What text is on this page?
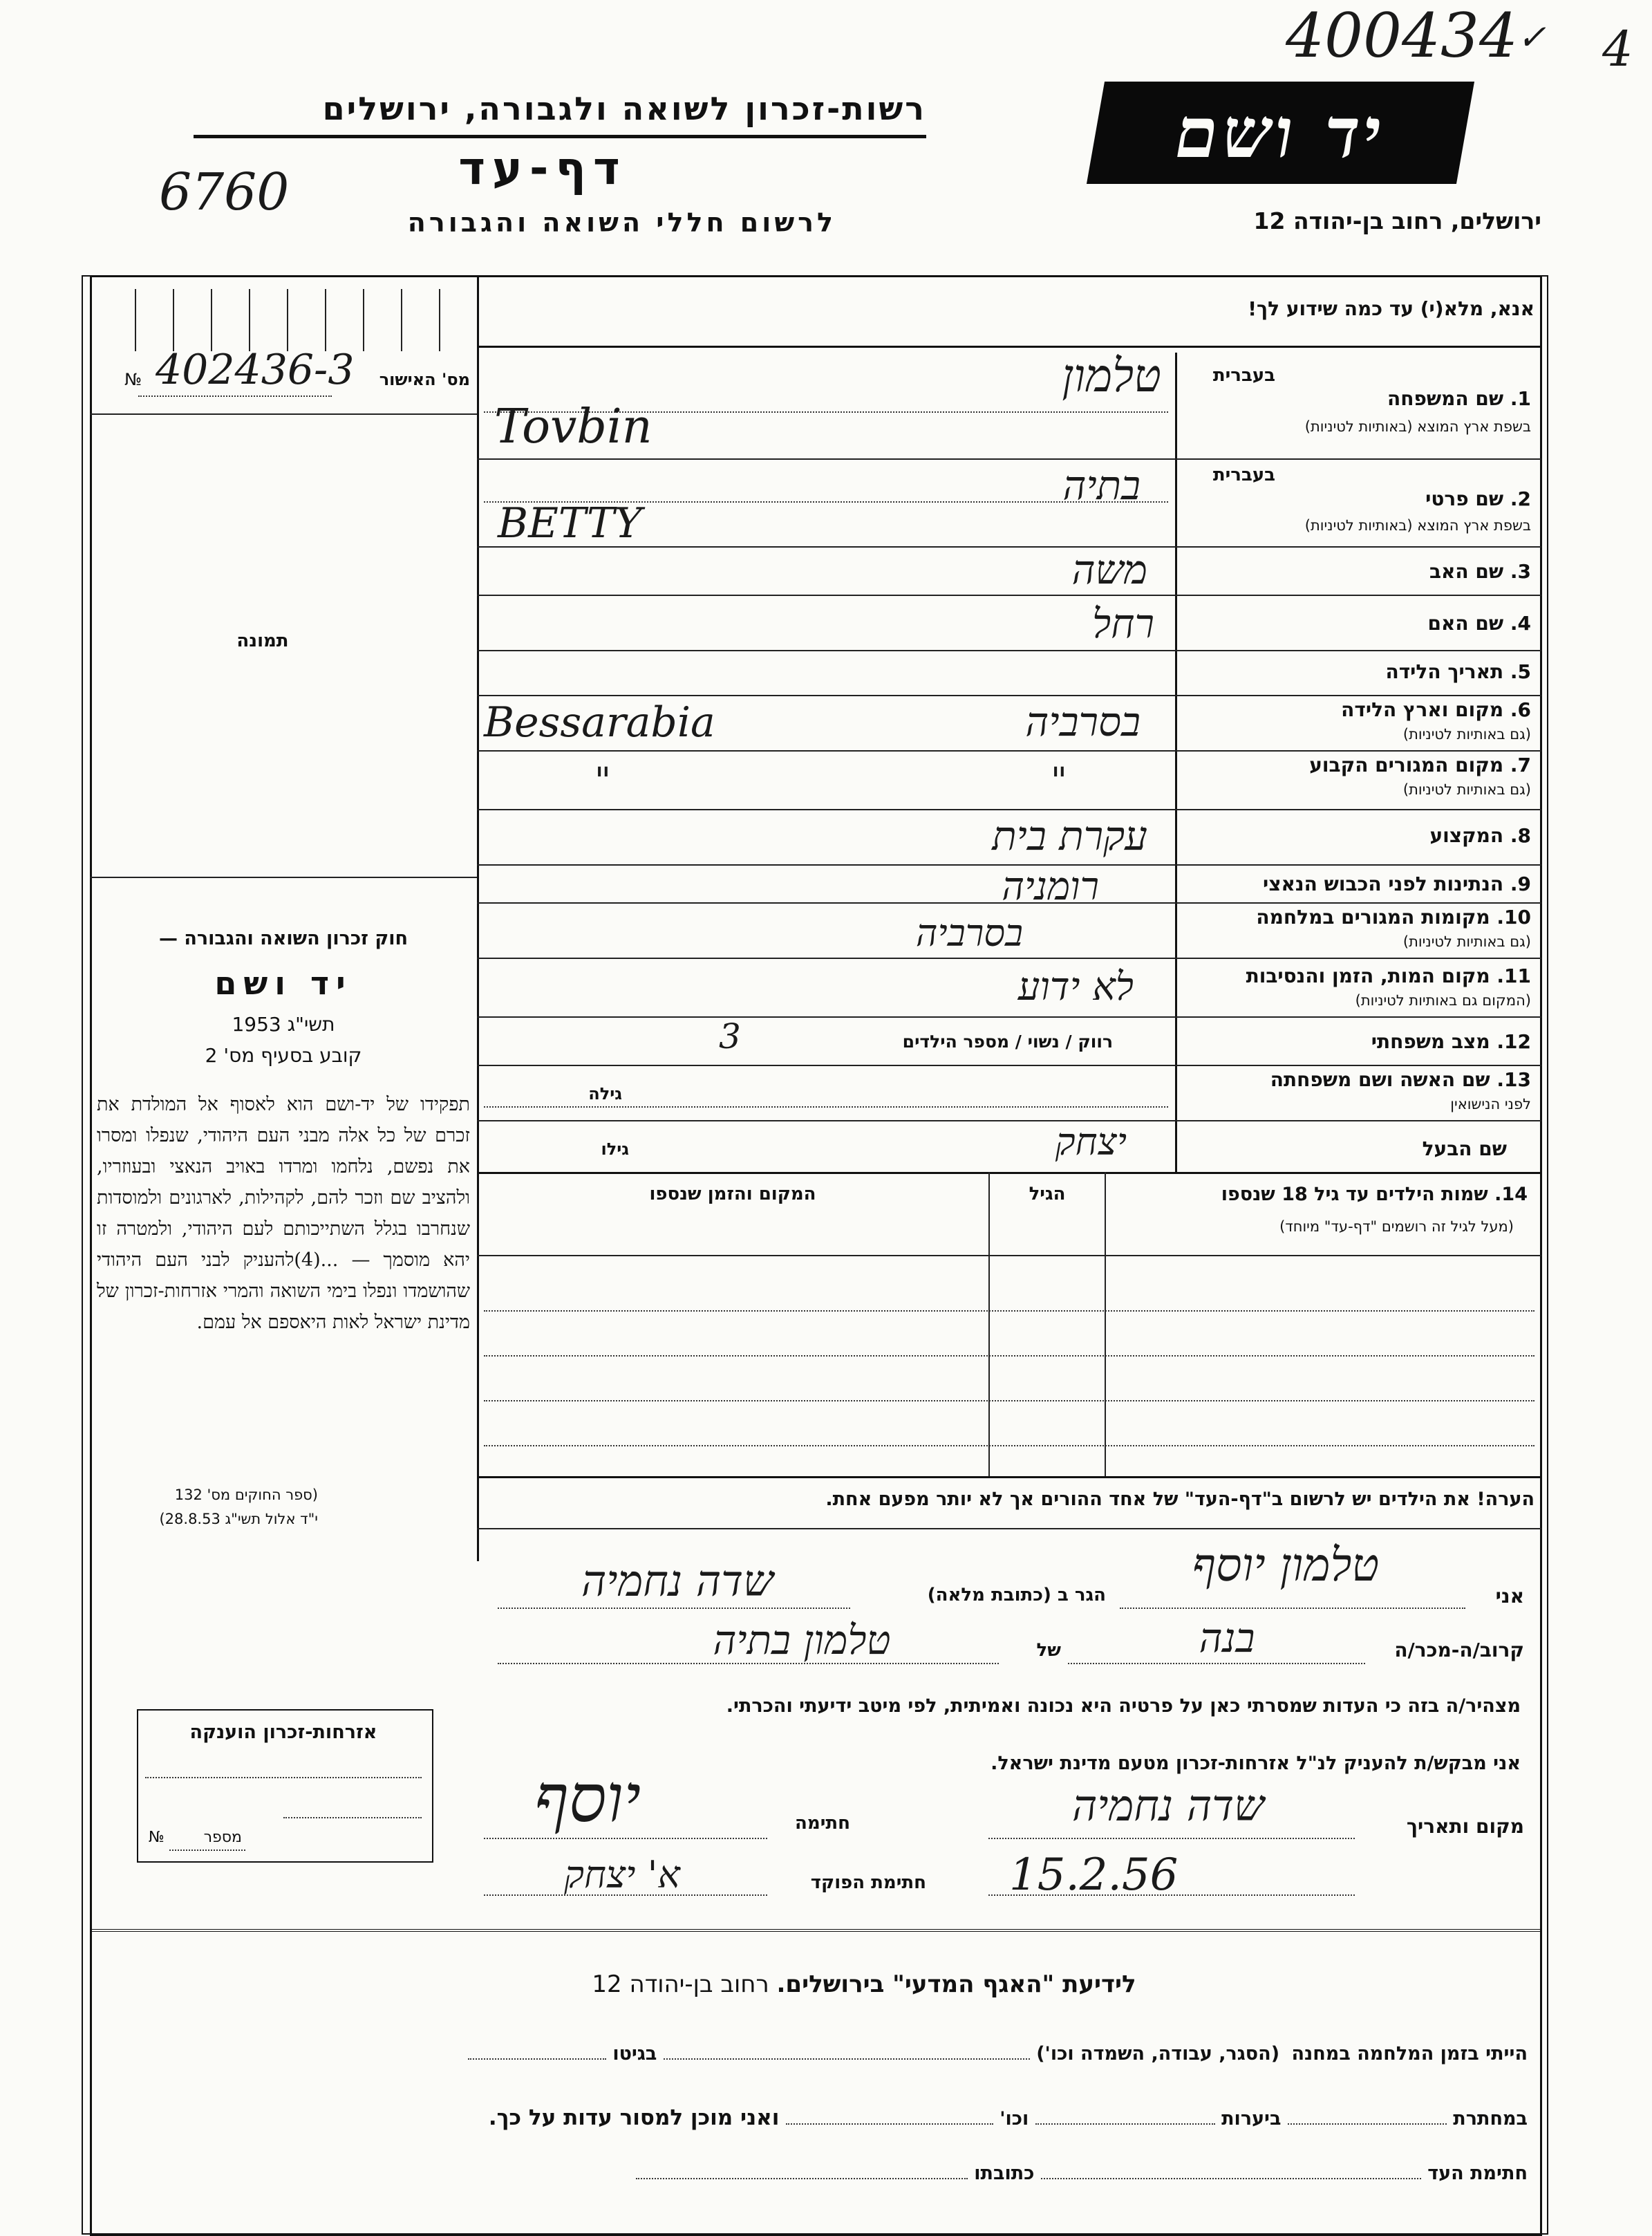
400434 ✓ 4
רשות-זכרון לשואה ולגבורה, ירושלים
6760	דף-עד
לרשום חללי השואה והגבורה
יד ושם
ירושלים, רחוב בן-יהודה 12
№ 402436-3	מס' האישור
תמונה
חוק זכרון השואה והגבורה —
יד ושם
תשי"ג 1953
קובע בסעיף מס' 2
תפקידו של יד-ושם הוא לאסוף אל המולדת את זכרם של כל אלה מבני העם היהודי, שנפלו ומסרו את נפשם, נלחמו ומרדו באויב הנאצי ובעוזריו, ולהציב שם וזכר להם, לקהילות, לארגונים ולמוסדות שנחרבו בגלל השתייכותם לעם היהודי, ולמטרה זו יהא מוסמך — ...(4)להעניק לבני העם היהודי שהושמדו ונפלו בימי השואה והמרי אזרחות-זכרון של מדינת ישראל לאות היאספם אל עמם.
(ספר החוקים מס' 132
י"ד אלול תשי"ג 28.8.53)
אזרחות-זכרון הוענקה
№	מספר
אנא, מלא(י) עד כמה שידוע לך!
בעברית
1. שם המשפחה
בשפת ארץ המוצא (באותיות לטיניות)
טלמון
Tovbin
בעברית
2. שם פרטי
בשפת ארץ המוצא (באותיות לטיניות)
בתיה
BETTY
3. שם האב
משה
4. שם האם
רחל
5. תאריך הלידה
6. מקום וארץ הלידה
(גם באותיות לטיניות)
Bessarabia	בסרביה
7. מקום המגורים הקבוע
(גם באותיות לטיניות)
"	"
8. המקצוע
עקרת בית
9. הנתינות לפני הכבוש הנאצי
רומניה
10. מקומות המגורים במלחמה
(גם באותיות לטיניות)
בסרביה
11. מקום המות, הזמן והנסיבות
(המקום גם באותיות לטיניות)
לא ידוע
12. מצב משפחתי
רווק / נשוי / מספר הילדים
3
13. שם האשה ושם משפחתה
לפני הנישואין
גילה
שם הבעל
גילו	יצחק
14. שמות הילדים עד גיל 18 שנספו
(מעל לגיל זה רושמים "דף-עד" מיוחד)
הגיל
המקום והזמן שנספו
הערה! את הילדים יש לרשום ב"דף-העד" של אחד ההורים אך לא יותר מפעם אחת.
אני
טלמון יוסף
הגר ב (כתובת מלאה)
שדה נחמיה
קרוב/ה-מכר/ה
בנה
של
טלמון בתיה
מצהיר/ה בזה כי העדות שמסרתי כאן על פרטיה היא נכונה ואמיתית, לפי מיטב ידיעתי והכרתי.
אני מבקש/ת להעניק לנ"ל אזרחות-זכרון מטעם מדינת ישראל.
מקום ותאריך
שדה נחמיה
חתימה
יוסף
15.2.56
חתימת הפוקד
א' יצחק
לידיעת "האגף המדעי" בירושלים. רחוב בן-יהודה 12
הייתי בזמן המלחמה במחנה (הסגר, עבודה, השמדה וכו')  בגיטו
במחתרת  ביערות  וכו'  ואני מוכן למסור עדות על כך.
חתימת העד  כתובתו
